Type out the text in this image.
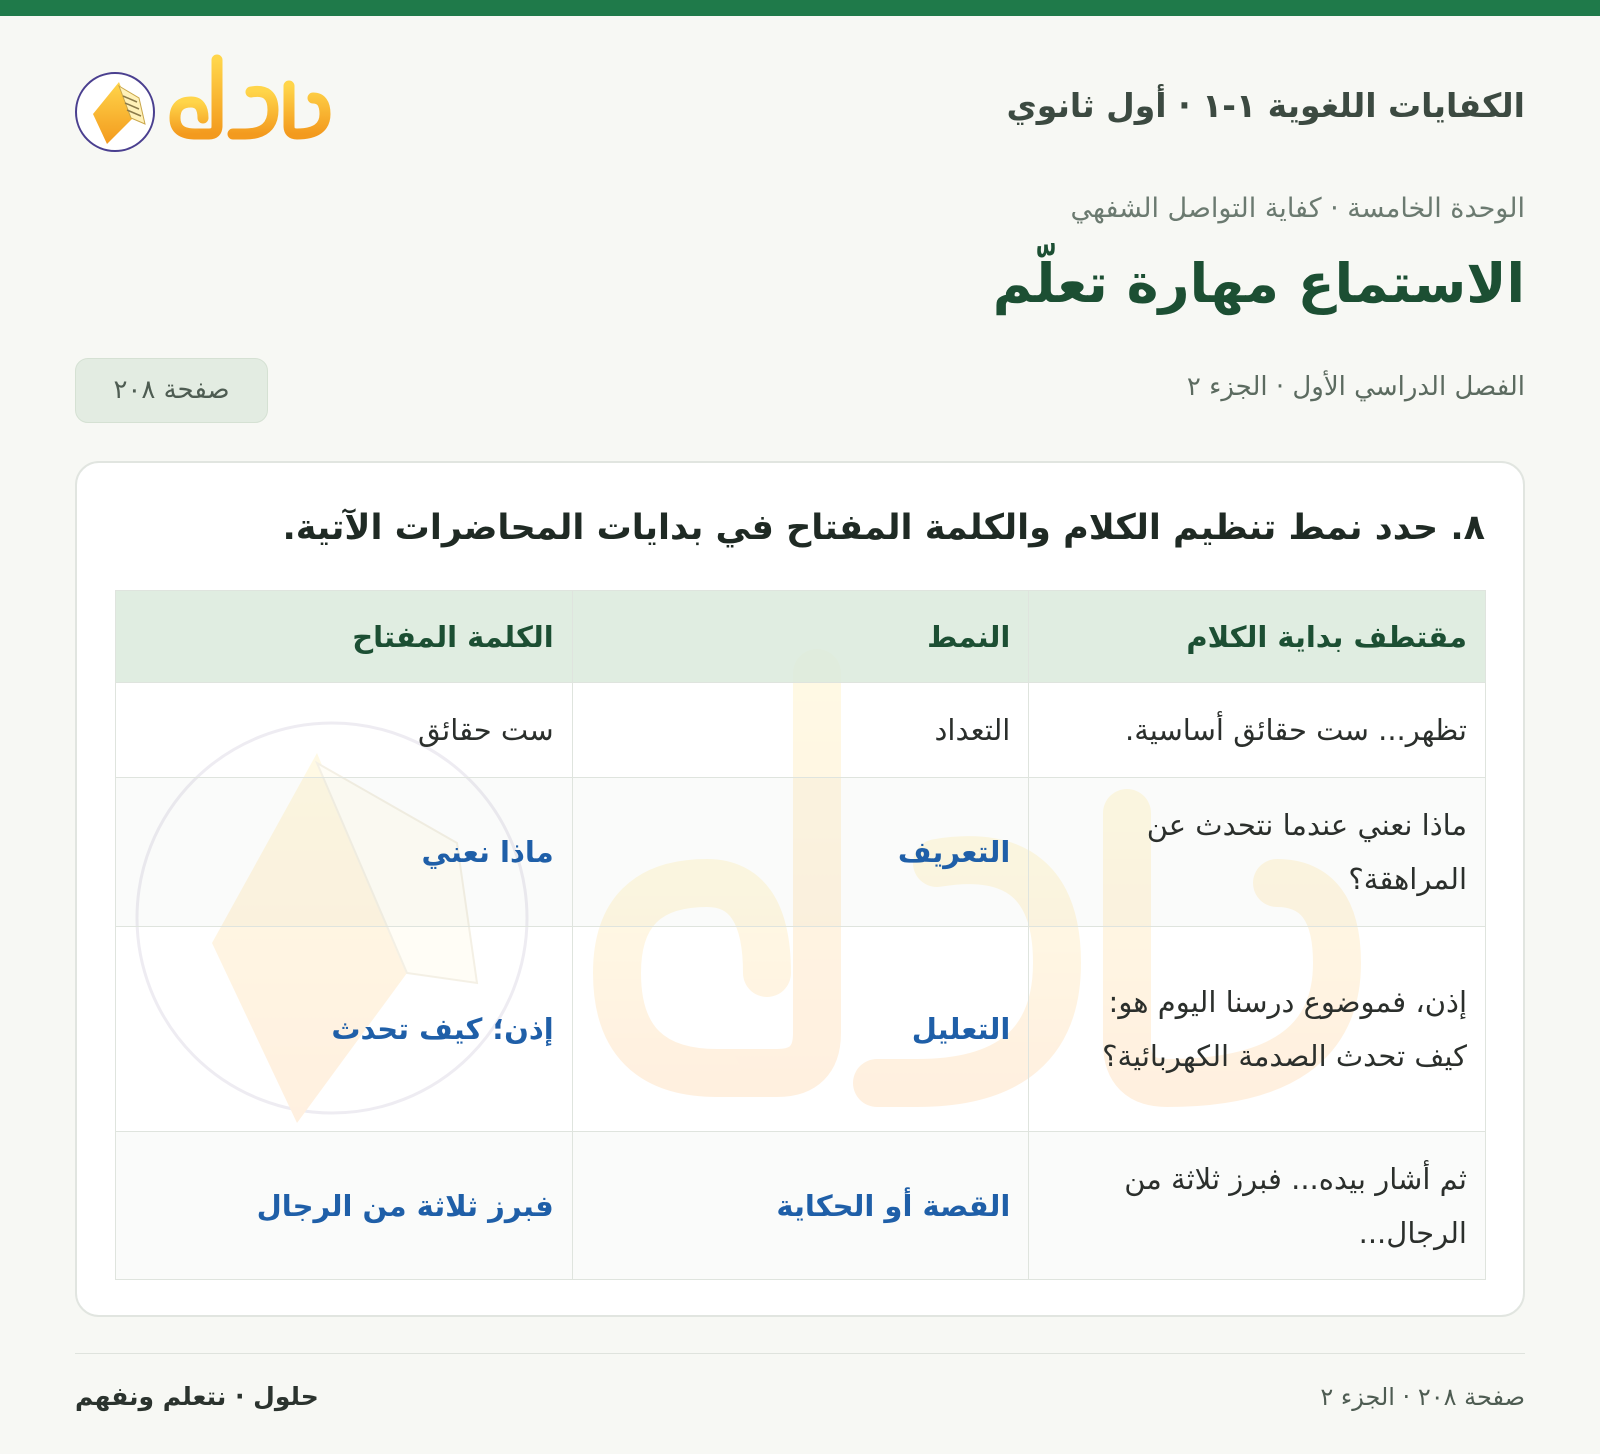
الكفايات اللغوية ١-١ · أول ثانوي
الوحدة الخامسة · كفاية التواصل الشفهي
الاستماع مهارة تعلّم
الفصل الدراسي الأول · الجزء ٢
صفحة ٢٠٨
٨. حدد نمط تنظيم الكلام والكلمة المفتاح في بدايات المحاضرات الآتية.
مقتطف بداية الكلام	النمط	الكلمة المفتاح
تظهر... ست حقائق أساسية.	التعداد	ست حقائق
ماذا نعني عندما نتحدث عن المراهقة؟	التعريف	ماذا نعني
إذن، فموضوع درسنا اليوم هو: كيف تحدث الصدمة الكهربائية؟	التعليل	إذن؛ كيف تحدث
ثم أشار بيده... فبرز ثلاثة من الرجال...	القصة أو الحكاية	فبرز ثلاثة من الرجال
صفحة ٢٠٨ · الجزء ٢
حلول · نتعلم ونفهم
